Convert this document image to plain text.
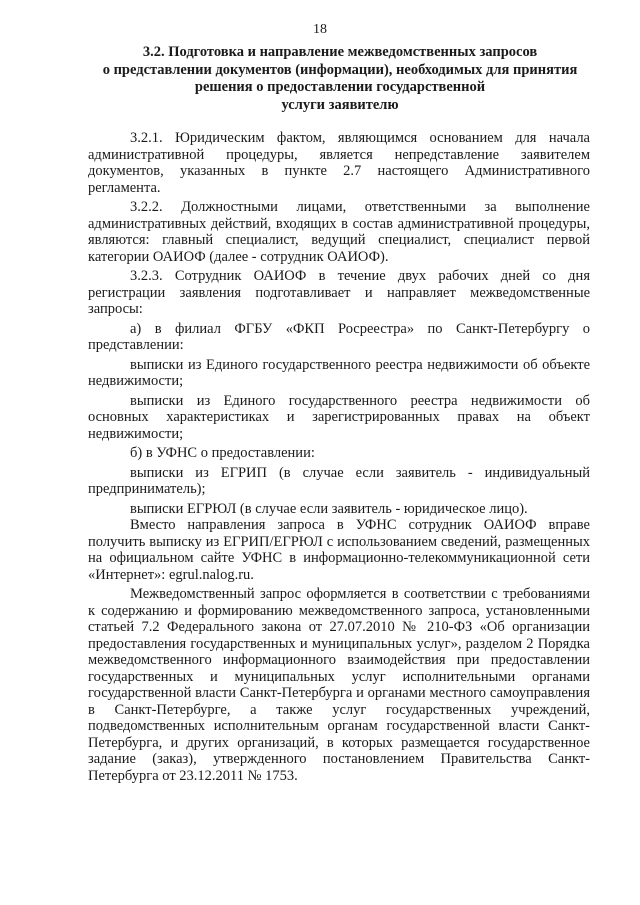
18
3.2. Подготовка и направление межведомственных запросов
о представлении документов (информации), необходимых для принятия
решения о предоставлении государственной
услуги заявителю

3.2.1. Юридическим фактом, являющимся основанием для начала административной процедуры, является непредставление заявителем документов, указанных в пункте 2.7 настоящего Административного регламента.

3.2.2. Должностными лицами, ответственными за выполнение административных действий, входящих в состав административной процедуры, являются: главный специалист, ведущий специалист, специалист первой категории ОАИОФ (далее - сотрудник ОАИОФ).

3.2.3. Сотрудник ОАИОФ в течение двух рабочих дней со дня регистрации заявления подготавливает и направляет межведомственные запросы:

а) в филиал ФГБУ «ФКП Росреестра» по Санкт-Петербургу о представлении:

выписки из Единого государственного реестра недвижимости об объекте недвижимости;

выписки из Единого государственного реестра недвижимости об основных характеристиках и зарегистрированных правах на объект недвижимости;

б) в УФНС о предоставлении:

выписки из ЕГРИП (в случае если заявитель - индивидуальный предприниматель);

выписки ЕГРЮЛ (в случае если заявитель - юридическое лицо).

Вместо направления запроса в УФНС сотрудник ОАИОФ вправе получить выписку из ЕГРИП/ЕГРЮЛ с использованием сведений, размещенных на официальном сайте УФНС в информационно-телекоммуникационной сети «Интернет»: egrul.nalog.ru.

Межведомственный запрос оформляется в соответствии с требованиями к содержанию и формированию межведомственного запроса, установленными статьей 7.2 Федерального закона от 27.07.2010 № 210-ФЗ «Об организации предоставления государственных и муниципальных услуг», разделом 2 Порядка межведомственного информационного взаимодействия при предоставлении государственных и муниципальных услуг исполнительными органами государственной власти Санкт-Петербурга и органами местного самоуправления в Санкт-Петербурге, а также услуг государственных учреждений, подведомственных исполнительным органам государственной власти Санкт-Петербурга, и других организаций, в которых размещается государственное задание (заказ), утвержденного постановлением Правительства Санкт-Петербурга от 23.12.2011 № 1753.
